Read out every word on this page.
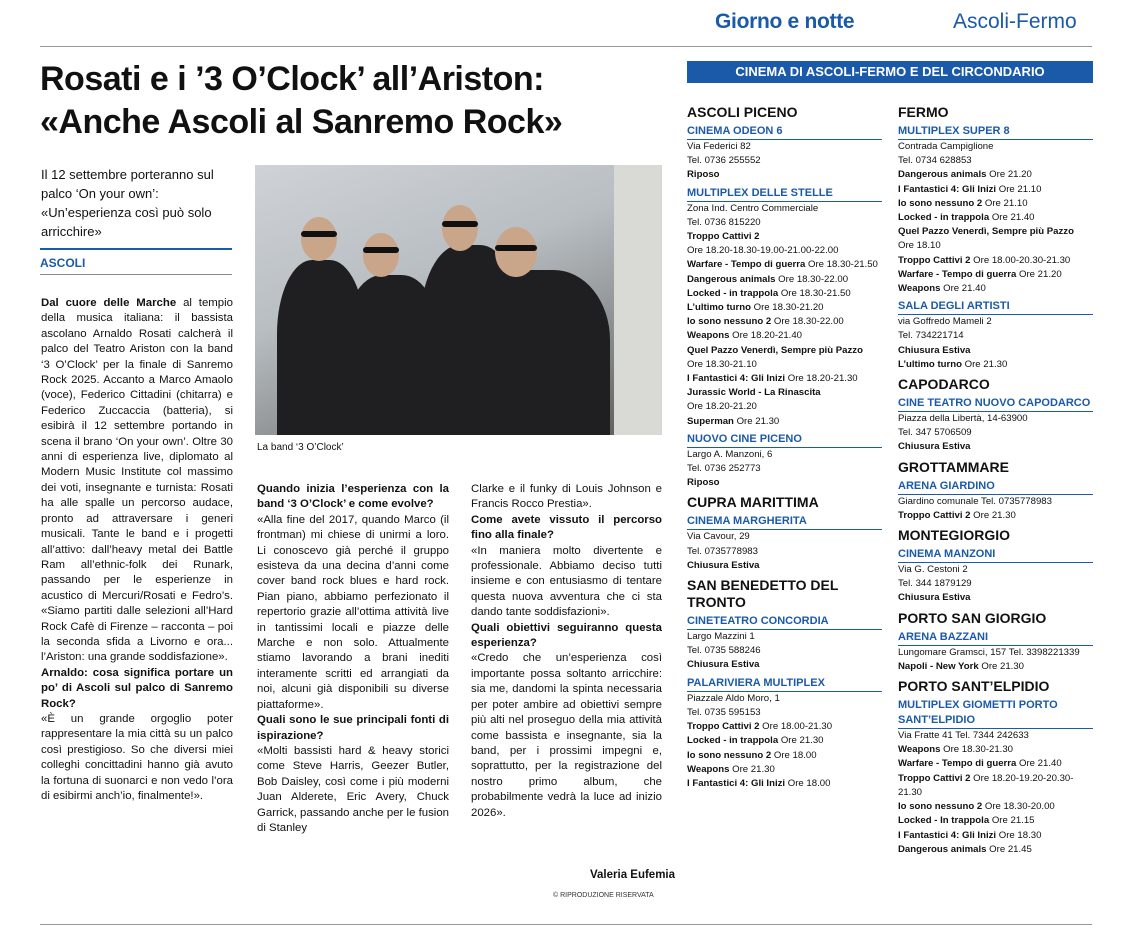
Giorno e notte	Ascoli-Fermo
Rosati e i ’3 O’Clock’ all’Ariston: «Anche Ascoli al Sanremo Rock»
Il 12 settembre porteranno sul palco ‘On your own’: «Un’esperienza così può solo arricchire»
ASCOLI
La band ‘3 O’Clock’

Dal cuore delle Marche al tempio della musica italiana: il bassista ascolano Arnaldo Rosati calcherà il palco del Teatro Ariston con la band ‘3 O’Clock’ per la finale di Sanremo Rock 2025. Accanto a Marco Amaolo (voce), Federico Cittadini (chitarra) e Federico Zuccaccia (batteria), si esibirà il 12 settembre portando in scena il brano ‘On your own’. Oltre 30 anni di esperienza live, diplomato al Modern Music Institute col massimo dei voti, insegnante e turnista: Rosati ha alle spalle un percorso audace, pronto ad attraversare i generi musicali. Tante le band e i progetti all’attivo: dall’heavy metal dei Battle Ram all’ethnic-folk dei Runark, passando per le esperienze in acustico di Mercuri/Rosati e Fedro’s. «Siamo partiti dalle selezioni all’Hard Rock Cafè di Firenze – racconta – poi la seconda sfida a Livorno e ora... l’Ariston: una grande soddisfazione».

Arnaldo: cosa significa portare un po’ di Ascoli sul palco di Sanremo Rock?

«È un grande orgoglio poter rappresentare la mia città su un palco così prestigioso. So che diversi miei colleghi concittadini hanno già avuto la fortuna di suonarci e non vedo l’ora di esibirmi anch’io, finalmente!».

Quando inizia l’esperienza con la band ‘3 O’Clock’ e come evolve?

«Alla fine del 2017, quando Marco (il frontman) mi chiese di unirmi a loro. Li conoscevo già perché il gruppo esisteva da una decina d’anni come cover band rock blues e hard rock. Pian piano, abbiamo perfezionato il repertorio grazie all’ottima attività live in tantissimi locali e piazze delle Marche e non solo. Attualmente stiamo lavorando a brani inediti interamente scritti ed arrangiati da noi, alcuni già disponibili su diverse piattaforme».

Quali sono le sue principali fonti di ispirazione?

«Molti bassisti hard & heavy storici come Steve Harris, Geezer Butler, Bob Daisley, così come i più moderni Juan Alderete, Eric Avery, Chuck Garrick, passando anche per le fusion di Stanley

Clarke e il funky di Louis Johnson e Francis Rocco Prestia».

Come avete vissuto il percorso fino alla finale?

«In maniera molto divertente e professionale. Abbiamo deciso tutti insieme e con entusiasmo di tentare questa nuova avventura che ci sta dando tante soddisfazioni».

Quali obiettivi seguiranno questa esperienza?

«Credo che un’esperienza così importante possa soltanto arricchire: sia me, dandomi la spinta necessaria per poter ambire ad obiettivi sempre più alti nel proseguo della mia attività come bassista e insegnante, sia la band, per i prossimi impegni e, soprattutto, per la registrazione del nostro primo album, che probabilmente vedrà la luce ad inizio 2026».

Valeria Eufemia
© RIPRODUZIONE RISERVATA
CINEMA DI ASCOLI-FERMO E DEL CIRCONDARIO
ASCOLI PICENO
CINEMA ODEON 6
Via Federici 82
Tel. 0736 255552
Riposo
MULTIPLEX DELLE STELLE
Zona Ind. Centro Commerciale
Tel. 0736 815220
Troppo Cattivi 2
Ore 18.20-18.30-19.00-21.00-22.00
Warfare - Tempo di guerra Ore 18.30-21.50
Dangerous animals Ore 18.30-22.00
Locked - in trappola Ore 18.30-21.50
L’ultimo turno Ore 18.30-21.20
Io sono nessuno 2 Ore 18.30-22.00
Weapons Ore 18.20-21.40
Quel Pazzo Venerdì, Sempre più Pazzo
Ore 18.30-21.10
I Fantastici 4: Gli Inizi Ore 18.20-21.30
Jurassic World - La Rinascita
Ore 18.20-21.20
Superman Ore 21.30
NUOVO CINE PICENO
Largo A. Manzoni, 6
Tel. 0736 252773
Riposo
CUPRA MARITTIMA
CINEMA MARGHERITA
Via Cavour, 29
Tel. 0735778983
Chiusura Estiva
SAN BENEDETTO DEL TRONTO
CINETEATRO CONCORDIA
Largo Mazzini 1
Tel. 0735 588246
Chiusura Estiva
PALARIVIERA MULTIPLEX
Piazzale Aldo Moro, 1
Tel. 0735 595153
Troppo Cattivi 2 Ore 18.00-21.30
Locked - in trappola Ore 21.30
Io sono nessuno 2 Ore 18.00
Weapons Ore 21.30
I Fantastici 4: Gli Inizi Ore 18.00
FERMO
MULTIPLEX SUPER 8
Contrada Campiglione
Tel. 0734 628853
Dangerous animals Ore 21.20
I Fantastici 4: Gli Inizi Ore 21.10
Io sono nessuno 2 Ore 21.10
Locked - in trappola Ore 21.40
Quel Pazzo Venerdì, Sempre più Pazzo
Ore 18.10
Troppo Cattivi 2 Ore 18.00-20.30-21.30
Warfare - Tempo di guerra Ore 21.20
Weapons Ore 21.40
SALA DEGLI ARTISTI
via Goffredo Mameli 2
Tel. 734221714
Chiusura Estiva
L’ultimo turno Ore 21.30
CAPODARCO
CINE TEATRO NUOVO CAPODARCO
Piazza della Libertà, 14-63900
Tel. 347 5706509
Chiusura Estiva
GROTTAMMARE
ARENA GIARDINO
Giardino comunale Tel. 0735778983
Troppo Cattivi 2 Ore 21.30
MONTEGIORGIO
CINEMA MANZONI
Via G. Cestoni 2
Tel. 344 1879129
Chiusura Estiva
PORTO SAN GIORGIO
ARENA BAZZANI
Lungomare Gramsci, 157 Tel. 3398221339
Napoli - New York Ore 21.30
PORTO SANT’ELPIDIO
MULTIPLEX GIOMETTI PORTO SANT’ELPIDIO
Via Fratte 41 Tel. 7344 242633
Weapons Ore 18.30-21.30
Warfare - Tempo di guerra Ore 21.40
Troppo Cattivi 2 Ore 18.20-19.20-20.30-21.30
Io sono nessuno 2 Ore 18.30-20.00
Locked - In trappola Ore 21.15
I Fantastici 4: Gli Inizi Ore 18.30
Dangerous animals Ore 21.45
